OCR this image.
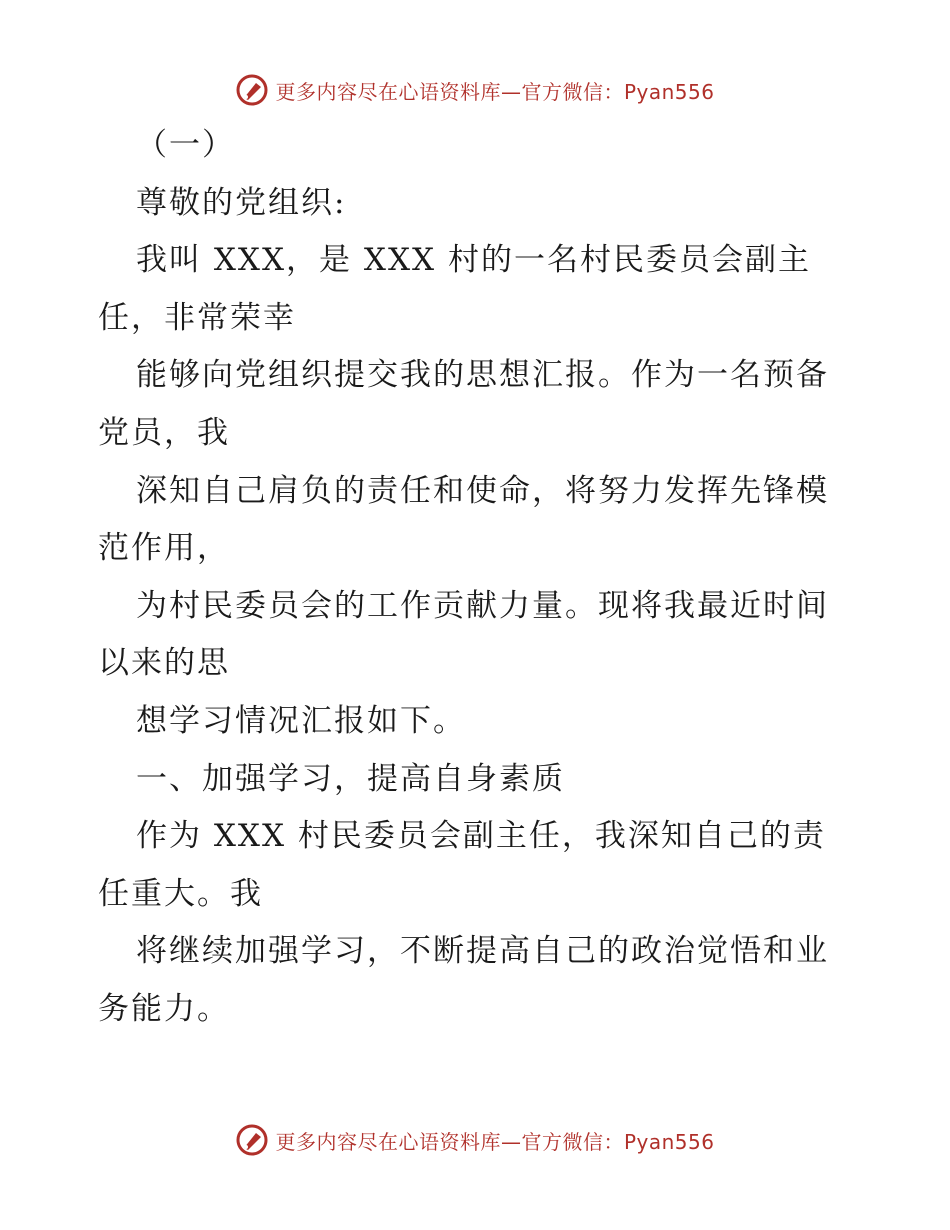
更多内容尽在心语资料库—官方微信：Pyan556
（一）
尊敬的党组织:
我叫 XXX，是 XXX 村的一名村民委员会副主
任，非常荣幸
能够向党组织提交我的思想汇报。作为一名预备
党员，我
深知自己肩负的责任和使命，将努力发挥先锋模
范作用，
为村民委员会的工作贡献力量。现将我最近时间
以来的思
想学习情况汇报如下。
一、加强学习，提高自身素质
作为 XXX 村民委员会副主任，我深知自己的责
任重大。我
将继续加强学习，不断提高自己的政治觉悟和业
务能力。
更多内容尽在心语资料库—官方微信：Pyan556
